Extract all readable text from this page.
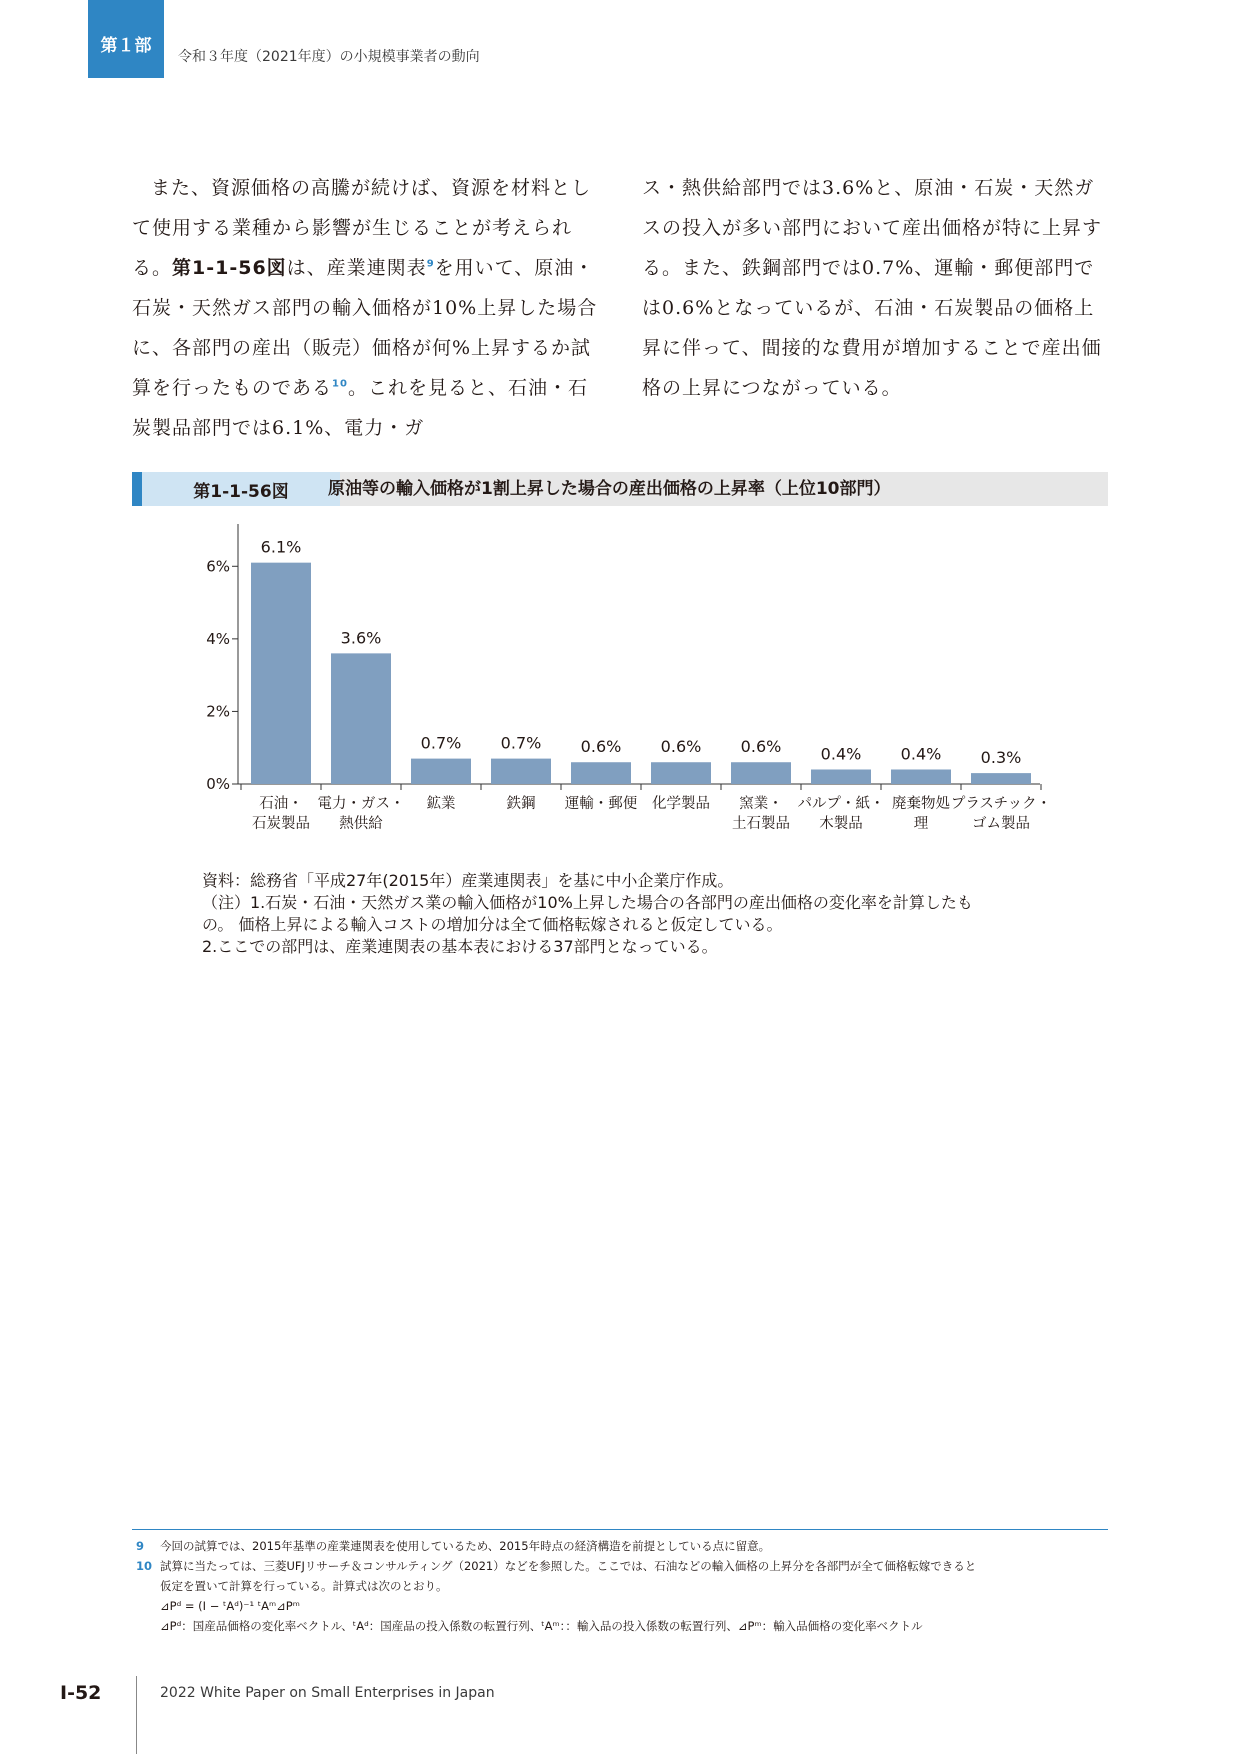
第１部
令和３年度（2021年度）の小規模事業者の動向

また、資源価格の高騰が続けば、資源を材料として使用する業種から影響が生じることが考えられる。第1-1-56図は、産業連関表$^9$を用いて、原油・石炭・天然ガス部門の輸入価格が10%上昇した場合に、各部門の産出（販売）価格が何%上昇するか試算を行ったものである$^{10}$。これを見ると、石油・石炭製品部門では6.1%、電力・ガ

ス・熱供給部門では3.6%と、原油・石炭・天然ガスの投入が多い部門において産出価格が特に上昇する。また、鉄鋼部門では0.7%、運輸・郵便部門では0.6%となっているが、石油・石炭製品の価格上昇に伴って、間接的な費用が増加することで産出価格の上昇につながっている。

第1-1-56図	原油等の輸入価格が1割上昇した場合の産出価格の上昇率（上位10部門）
0%
2%
4%
6%
6.1%
石油・
石炭製品
3.6%
電力・ガス・
熱供給
0.7%
鉱業
0.7%
鉄鋼
0.6%
運輸・郵便
0.6%
化学製品
0.6%
窯業・
土石製品
0.4%
パルプ・紙・
木製品
0.4%
廃棄物処
理
0.3%
プラスチック・
ゴム製品
資料：総務省「平成27年(2015年）産業連関表」を基に中小企業庁作成。
（注）1.石炭・石油・天然ガス業の輸入価格が10%上昇した場合の各部門の産出価格の変化率を計算したも
の。 価格上昇による輸入コストの増加分は全て価格転嫁されると仮定している。
2.ここでの部門は、産業連関表の基本表における37部門となっている。
9 今回の試算では、2015年基準の産業連関表を使用しているため、2015年時点の経済構造を前提としている点に留意。
10 試算に当たっては、三菱UFJリサーチ＆コンサルティング（2021）などを参照した。ここでは、石油などの輸入価格の上昇分を各部門が全て価格転嫁できると
仮定を置いて計算を行っている。計算式は次のとおり。
⊿Pᵈ = (I − ᵗAᵈ)⁻¹ ᵗAᵐ⊿Pᵐ
⊿Pᵈ：国産品価格の変化率ベクトル、ᵗAᵈ：国産品の投入係数の転置行列、ᵗAᵐ：：輸入品の投入係数の転置行列、⊿Pᵐ：輸入品価格の変化率ベクトル
I-52	2022 White Paper on Small Enterprises in Japan
